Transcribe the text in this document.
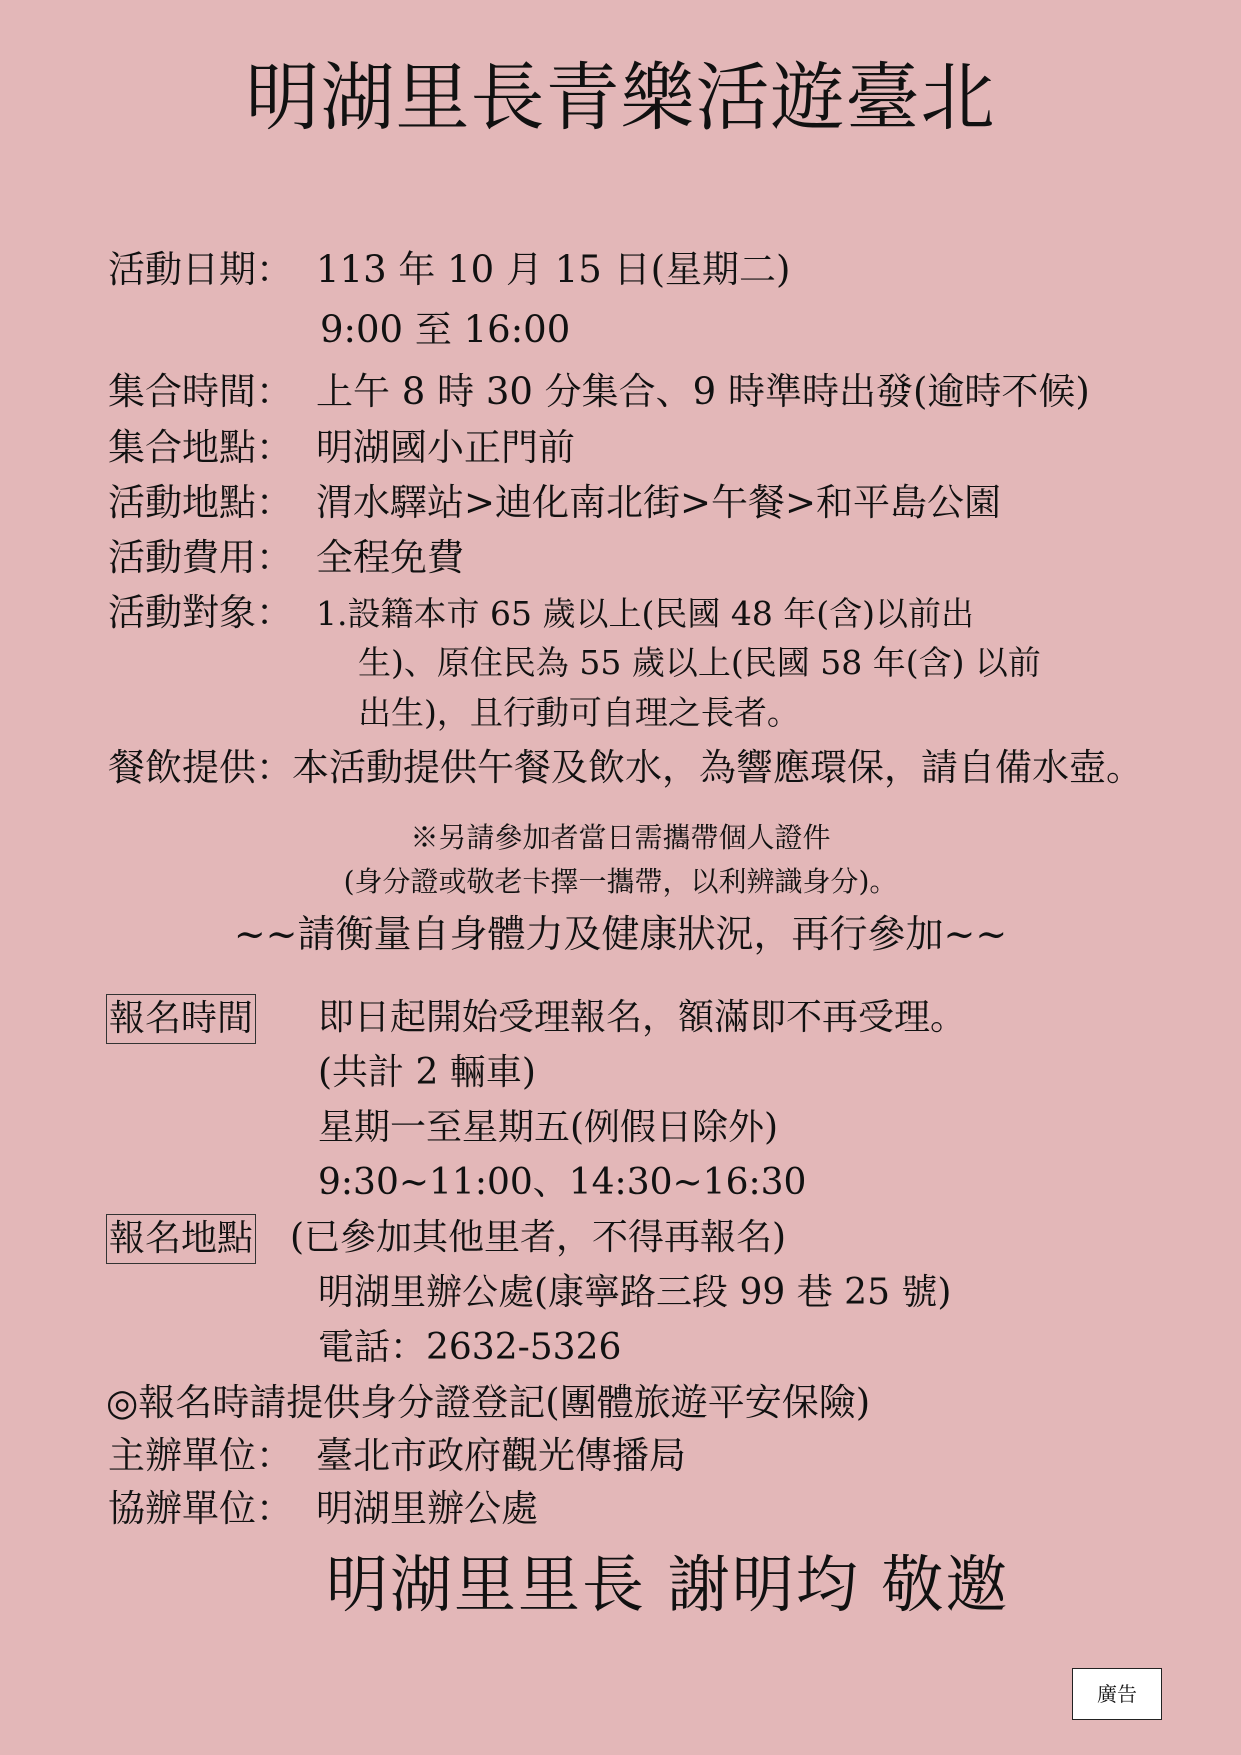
明湖里長青樂活遊臺北
活動日期： 113 年 10 月 15 日(星期二)
9:00 至 16:00
集合時間： 上午 8 時 30 分集合、9 時準時出發(逾時不候)
集合地點： 明湖國小正門前
活動地點： 渭水驛站>迪化南北街>午餐>和平島公園
活動費用： 全程免費
活動對象： 1.設籍本市 65 歲以上(民國 48 年(含)以前出
生)、原住民為 55 歲以上(民國 58 年(含) 以前
出生)，且行動可自理之長者。
餐飲提供：本活動提供午餐及飲水，為響應環保，請自備水壺。
※另請參加者當日需攜帶個人證件
(身分證或敬老卡擇一攜帶，以利辨識身分)。
~~請衡量自身體力及健康狀況，再行參加~~
報名時間 即日起開始受理報名，額滿即不再受理。
(共計 2 輛車)
星期一至星期五(例假日除外)
9:30~11:00、14:30~16:30
報名地點 (已參加其他里者，不得再報名)
明湖里辦公處(康寧路三段 99 巷 25 號)
電話：2632-5326
◎報名時請提供身分證登記(團體旅遊平安保險)
主辦單位： 臺北市政府觀光傳播局
協辦單位： 明湖里辦公處
明湖里里長 謝明均 敬邀
廣告
